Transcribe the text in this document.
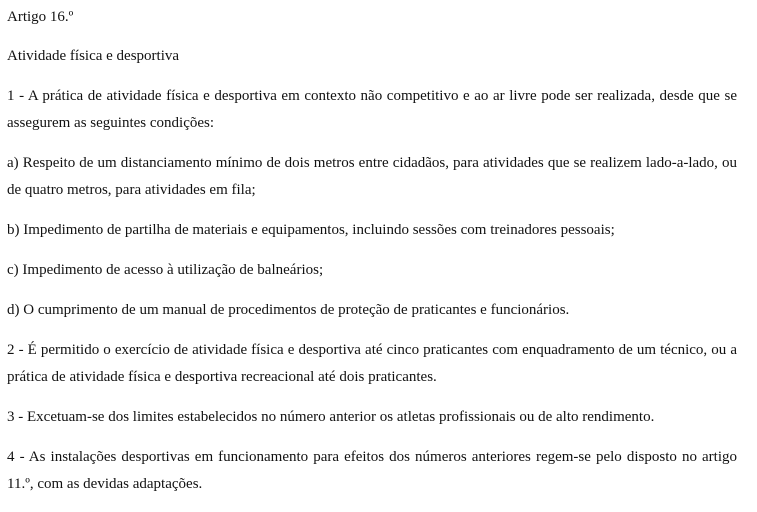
Artigo 16.º

Atividade física e desportiva

1 - A prática de atividade física e desportiva em contexto não competitivo e ao ar livre pode ser realizada, desde que se assegurem as seguintes condições:

a) Respeito de um distanciamento mínimo de dois metros entre cidadãos, para atividades que se realizem lado-a-lado, ou de quatro metros, para atividades em fila;

b) Impedimento de partilha de materiais e equipamentos, incluindo sessões com treinadores pessoais;

c) Impedimento de acesso à utilização de balneários;

d) O cumprimento de um manual de procedimentos de proteção de praticantes e funcionários.

2 - É permitido o exercício de atividade física e desportiva até cinco praticantes com enquadramento de um técnico, ou a prática de atividade física e desportiva recreacional até dois praticantes.

3 - Excetuam-se dos limites estabelecidos no número anterior os atletas profissionais ou de alto rendimento.

4 - As instalações desportivas em funcionamento para efeitos dos números anteriores regem-se pelo disposto no artigo 11.º, com as devidas adaptações.
